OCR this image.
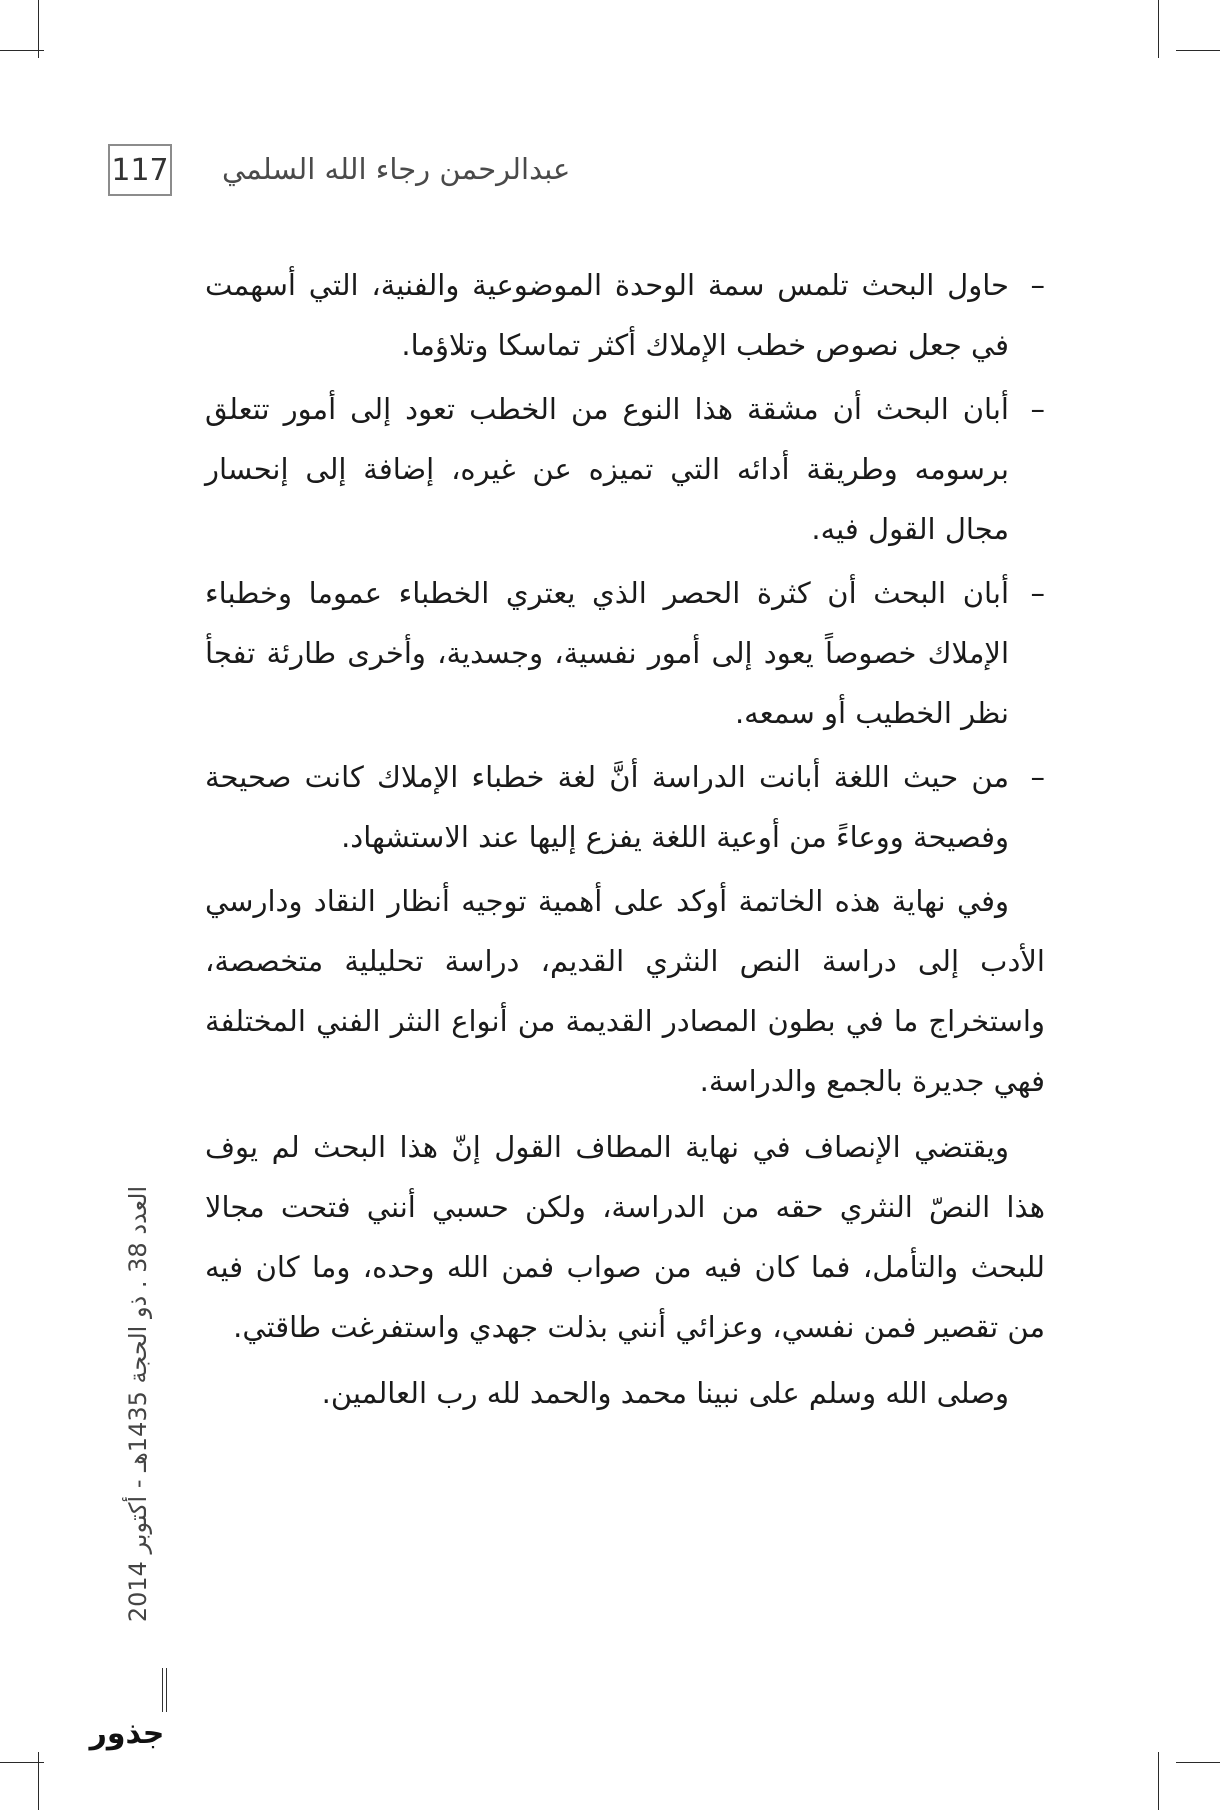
117 عبدالرحمن رجاء الله السلمي

–
حاول البحث تلمس سمة الوحدة الموضوعية والفنية، التي أسهمت في جعل نصوص خطب الإملاك أكثر تماسكا وتلاؤما.

–
أبان البحث أن مشقة هذا النوع من الخطب تعود إلى أمور تتعلق برسومه وطريقة أدائه التي تميزه عن غيره، إضافة إلى إنحسار مجال القول فيه.

–
أبان البحث أن كثرة الحصر الذي يعتري الخطباء عموما وخطباء الإملاك خصوصاً يعود إلى أمور نفسية، وجسدية، وأخرى طارئة تفجأ نظر الخطيب أو سمعه.

–
من حيث اللغة أبانت الدراسة أنَّ لغة خطباء الإملاك كانت صحيحة وفصيحة ووعاءً من أوعية اللغة يفزع إليها عند الاستشهاد.

وفي نهاية هذه الخاتمة أوكد على أهمية توجيه أنظار النقاد ودارسي الأدب إلى دراسة النص النثري القديم، دراسة تحليلية متخصصة، واستخراج ما في بطون المصادر القديمة من أنواع النثر الفني المختلفة فهي جديرة بالجمع والدراسة.

ويقتضي الإنصاف في نهاية المطاف القول إنّ هذا البحث لم يوف هذا النصّ النثري حقه من الدراسة، ولكن حسبي أنني فتحت مجالا للبحث والتأمل، فما كان فيه من صواب فمن الله وحده، وما كان فيه من تقصير فمن نفسي، وعزائي أنني بذلت جهدي واستفرغت طاقتي.

وصلى الله وسلم على نبينا محمد والحمد لله رب العالمين.

العدد 38 . ذو الحجة 1435هـ - أكتوبر 2014
جذور
